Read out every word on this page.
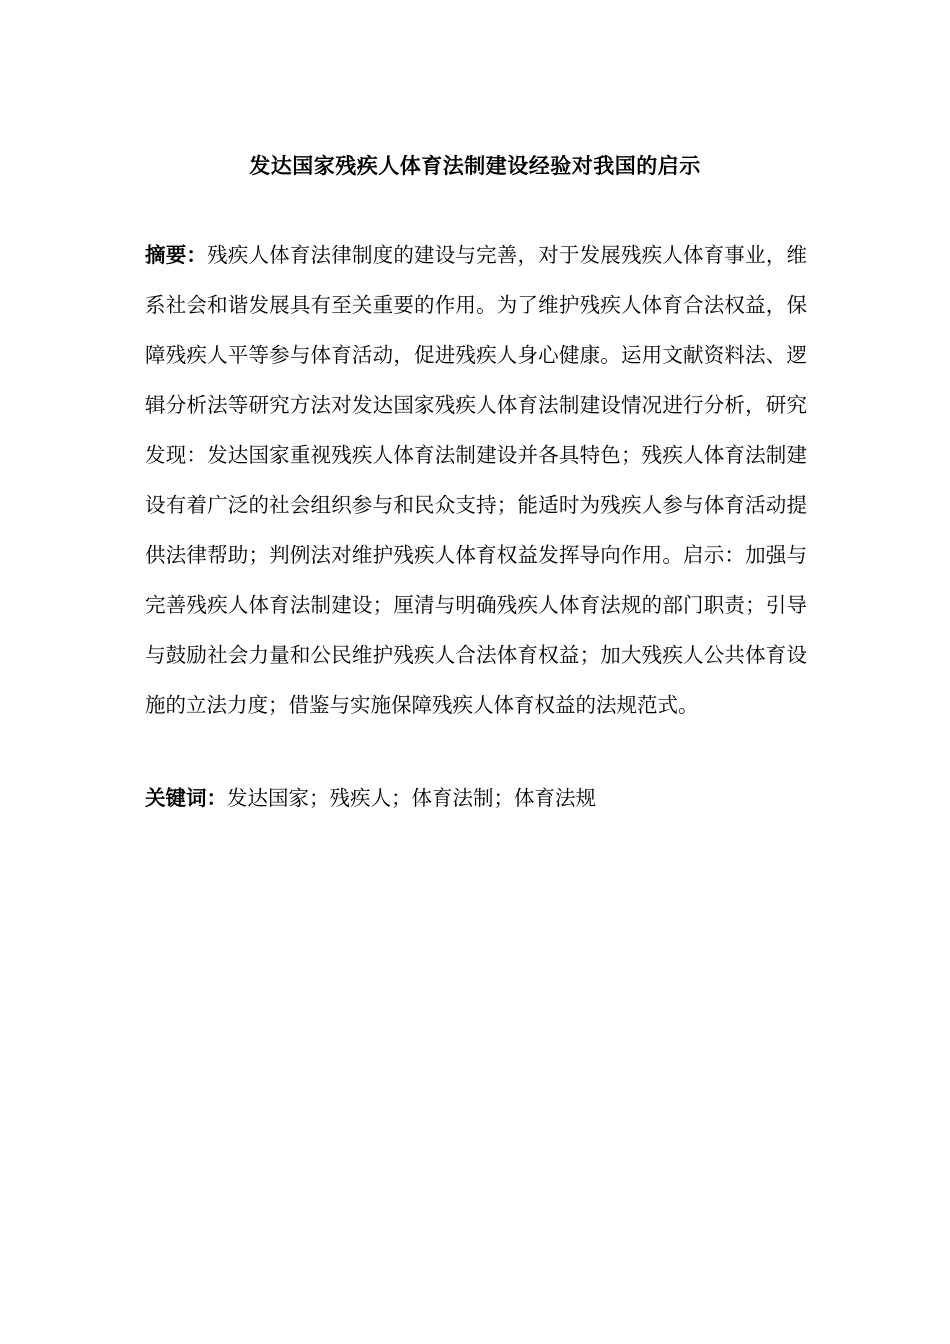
发达国家残疾人体育法制建设经验对我国的启示

摘要：残疾人体育法律制度的建设与完善，对于发展残疾人体育事业，维系社会和谐发展具有至关重要的作用。为了维护残疾人体育合法权益，保障残疾人平等参与体育活动，促进残疾人身心健康。运用文献资料法、逻辑分析法等研究方法对发达国家残疾人体育法制建设情况进行分析，研究发现：发达国家重视残疾人体育法制建设并各具特色；残疾人体育法制建设有着广泛的社会组织参与和民众支持；能适时为残疾人参与体育活动提供法律帮助；判例法对维护残疾人体育权益发挥导向作用。启示：加强与完善残疾人体育法制建设；厘清与明确残疾人体育法规的部门职责；引导与鼓励社会力量和公民维护残疾人合法体育权益；加大残疾人公共体育设施的立法力度；借鉴与实施保障残疾人体育权益的法规范式。

关键词：发达国家；残疾人；体育法制；体育法规
